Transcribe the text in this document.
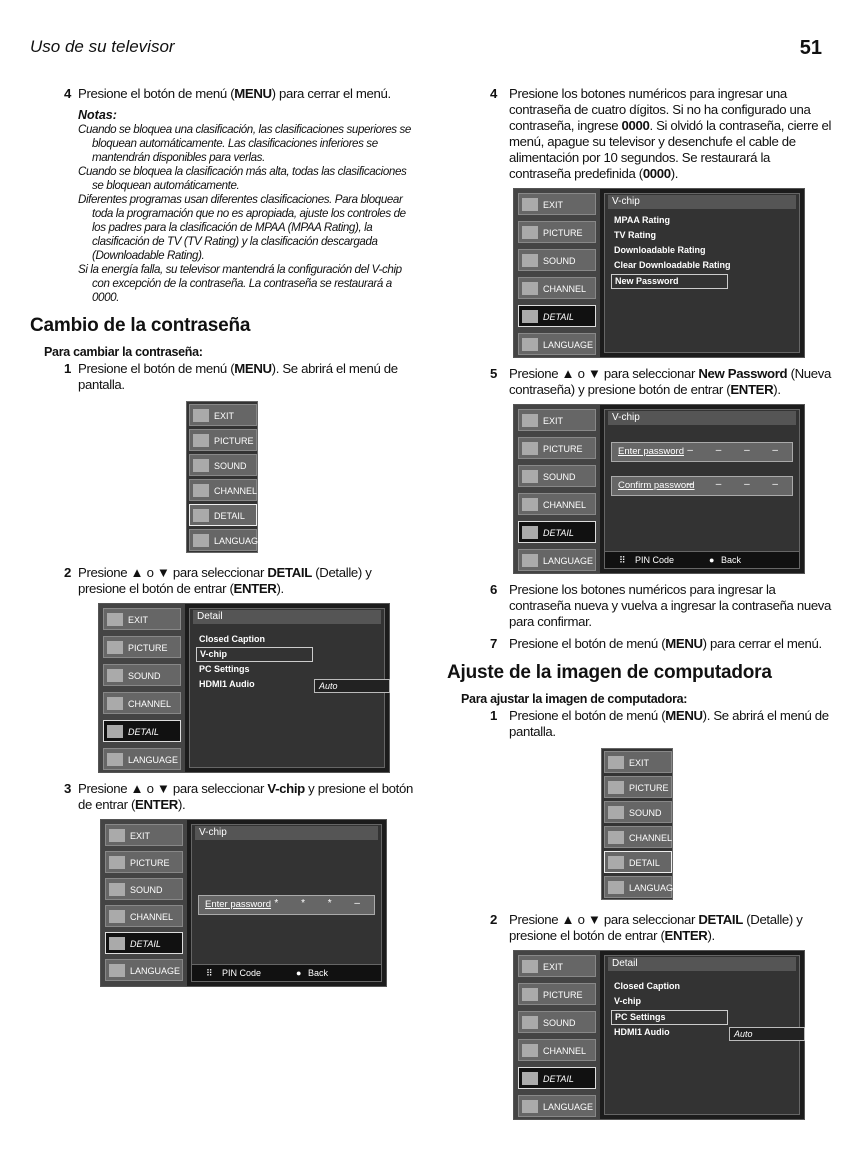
Uso de su televisor	51
4 Presione el botón de menú (MENU) para cerrar el menú.
Notas:
Cuando se bloquea una clasificación, las clasificaciones superiores se bloquean automáticamente. Las clasificaciones inferiores se mantendrán disponibles para verlas.
Cuando se bloquea la clasificación más alta, todas las clasificaciones se bloquean automáticamente.
Diferentes programas usan diferentes clasificaciones. Para bloquear toda la programación que no es apropiada, ajuste los controles de los padres para la clasificación de MPAA (MPAA Rating), la clasificación de TV (TV Rating) y la clasificación descargada (Downloadable Rating).
Si la energía falla, su televisor mantendrá la configuración del V-chip con excepción de la contraseña. La contraseña se restaurará a 0000.
Cambio de la contraseña
Para cambiar la contraseña:
1 Presione el botón de menú (MENU). Se abrirá el menú de pantalla.
EXIT
PICTURE
SOUND
CHANNEL
DETAIL
LANGUAGE
2 Presione ▲ o ▼ para seleccionar DETAIL (Detalle) y presione el botón de entrar (ENTER).
EXIT
PICTURE
SOUND
CHANNEL
DETAIL
LANGUAGE
Detail
Closed Caption
V-chip
PC Settings
HDMI1 Audio	Auto
3 Presione ▲ o ▼ para seleccionar V-chip y presione el botón de entrar (ENTER).
EXIT
PICTURE
SOUND
CHANNEL
DETAIL
LANGUAGE
V-chip
Enter password * * * –
⠿ PIN Code	● Back
4 Presione los botones numéricos para ingresar una contraseña de cuatro dígitos. Si no ha configurado una contraseña, ingrese 0000. Si olvidó la contraseña, cierre el menú, apague su televisor y desenchufe el cable de alimentación por 10 segundos. Se restaurará la contraseña predefinida (0000).
EXIT
PICTURE
SOUND
CHANNEL
DETAIL
LANGUAGE
V-chip
MPAA Rating
TV Rating
Downloadable Rating
Clear Downloadable Rating
New Password
5 Presione ▲ o ▼ para seleccionar New Password (Nueva contraseña) y presione botón de entrar (ENTER).
EXIT
PICTURE
SOUND
CHANNEL
DETAIL
LANGUAGE
V-chip
Enter password – – – –
Confirm password
– – – –
⠿ PIN Code	● Back
6 Presione los botones numéricos para ingresar la contraseña nueva y vuelva a ingresar la contraseña nueva para confirmar.
7 Presione el botón de menú (MENU) para cerrar el menú.
Ajuste de la imagen de computadora
Para ajustar la imagen de computadora:
1 Presione el botón de menú (MENU). Se abrirá el menú de pantalla.
EXIT
PICTURE
SOUND
CHANNEL
DETAIL
LANGUAGE
2 Presione ▲ o ▼ para seleccionar DETAIL (Detalle) y presione el botón de entrar (ENTER).
EXIT
PICTURE
SOUND
CHANNEL
DETAIL
LANGUAGE
Detail
Closed Caption
V-chip
PC Settings
HDMI1 Audio	Auto
